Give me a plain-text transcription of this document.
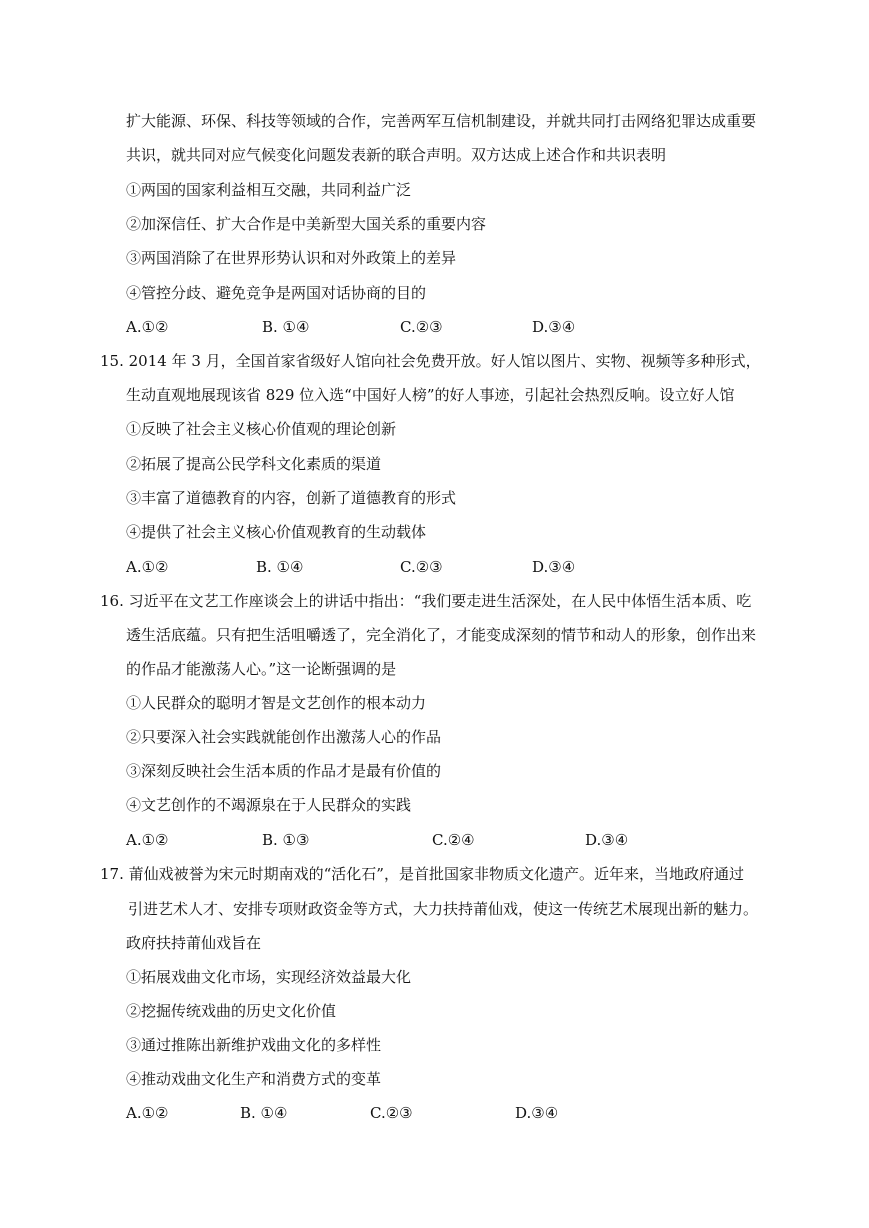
扩大能源、环保、科技等领域的合作，完善两军互信机制建设，并就共同打击网络犯罪达成重要
共识，就共同对应气候变化问题发表新的联合声明。双方达成上述合作和共识表明
①两国的国家利益相互交融，共同利益广泛
②加深信任、扩大合作是中美新型大国关系的重要内容
③两国消除了在世界形势认识和对外政策上的差异
④管控分歧、避免竞争是两国对话协商的目的
A.①②	B. ①④	C.②③	D.③④
15. 2014 年 3 月，全国首家省级好人馆向社会免费开放。好人馆以图片、实物、视频等多种形式，
生动直观地展现该省 829 位入选“中国好人榜”的好人事迹，引起社会热烈反响。设立好人馆
①反映了社会主义核心价值观的理论创新
②拓展了提高公民学科文化素质的渠道
③丰富了道德教育的内容，创新了道德教育的形式
④提供了社会主义核心价值观教育的生动载体
A.①②	B. ①④	C.②③	D.③④
16. 习近平在文艺工作座谈会上的讲话中指出：“我们要走进生活深处，在人民中体悟生活本质、吃
透生活底蕴。只有把生活咀嚼透了，完全消化了，才能变成深刻的情节和动人的形象，创作出来
的作品才能激荡人心。”这一论断强调的是
①人民群众的聪明才智是文艺创作的根本动力
②只要深入社会实践就能创作出激荡人心的作品
③深刻反映社会生活本质的作品才是最有价值的
④文艺创作的不竭源泉在于人民群众的实践
A.①②	B. ①③	C.②④	D.③④
17. 莆仙戏被誉为宋元时期南戏的“活化石”，是首批国家非物质文化遗产。近年来，当地政府通过
引进艺术人才、安排专项财政资金等方式，大力扶持莆仙戏，使这一传统艺术展现出新的魅力。
政府扶持莆仙戏旨在
①拓展戏曲文化市场，实现经济效益最大化
②挖掘传统戏曲的历史文化价值
③通过推陈出新维护戏曲文化的多样性
④推动戏曲文化生产和消费方式的变革
A.①②	B. ①④	C.②③	D.③④
